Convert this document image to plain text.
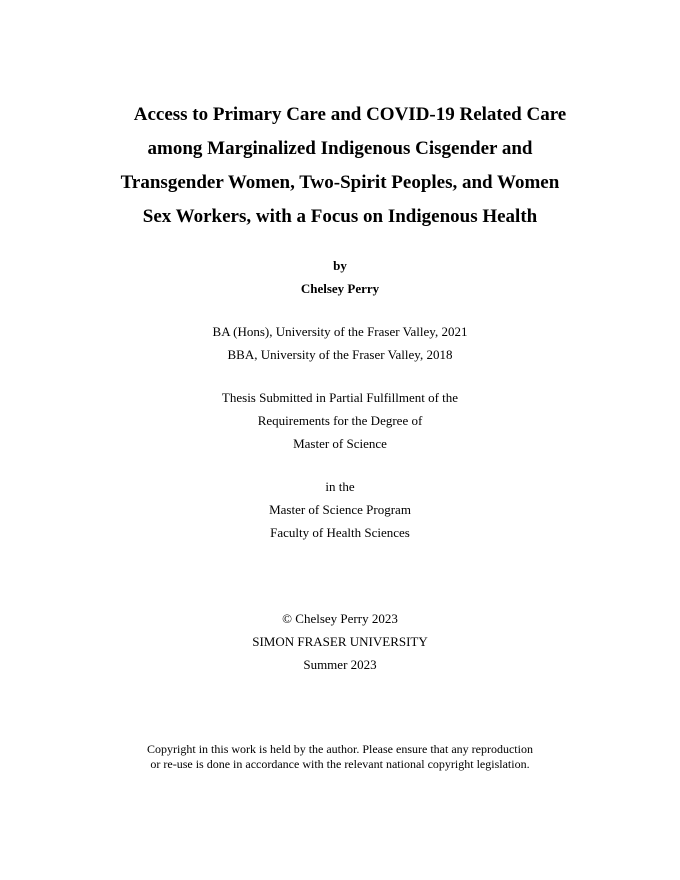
Access to Primary Care and COVID-19 Related Care
among Marginalized Indigenous Cisgender and
Transgender Women, Two-Spirit Peoples, and Women
Sex Workers, with a Focus on Indigenous Health
by
Chelsey Perry
BA (Hons), University of the Fraser Valley, 2021
BBA, University of the Fraser Valley, 2018
Thesis Submitted in Partial Fulfillment of the
Requirements for the Degree of
Master of Science
in the
Master of Science Program
Faculty of Health Sciences
© Chelsey Perry 2023
SIMON FRASER UNIVERSITY
Summer 2023
Copyright in this work is held by the author. Please ensure that any reproduction
or re-use is done in accordance with the relevant national copyright legislation.
